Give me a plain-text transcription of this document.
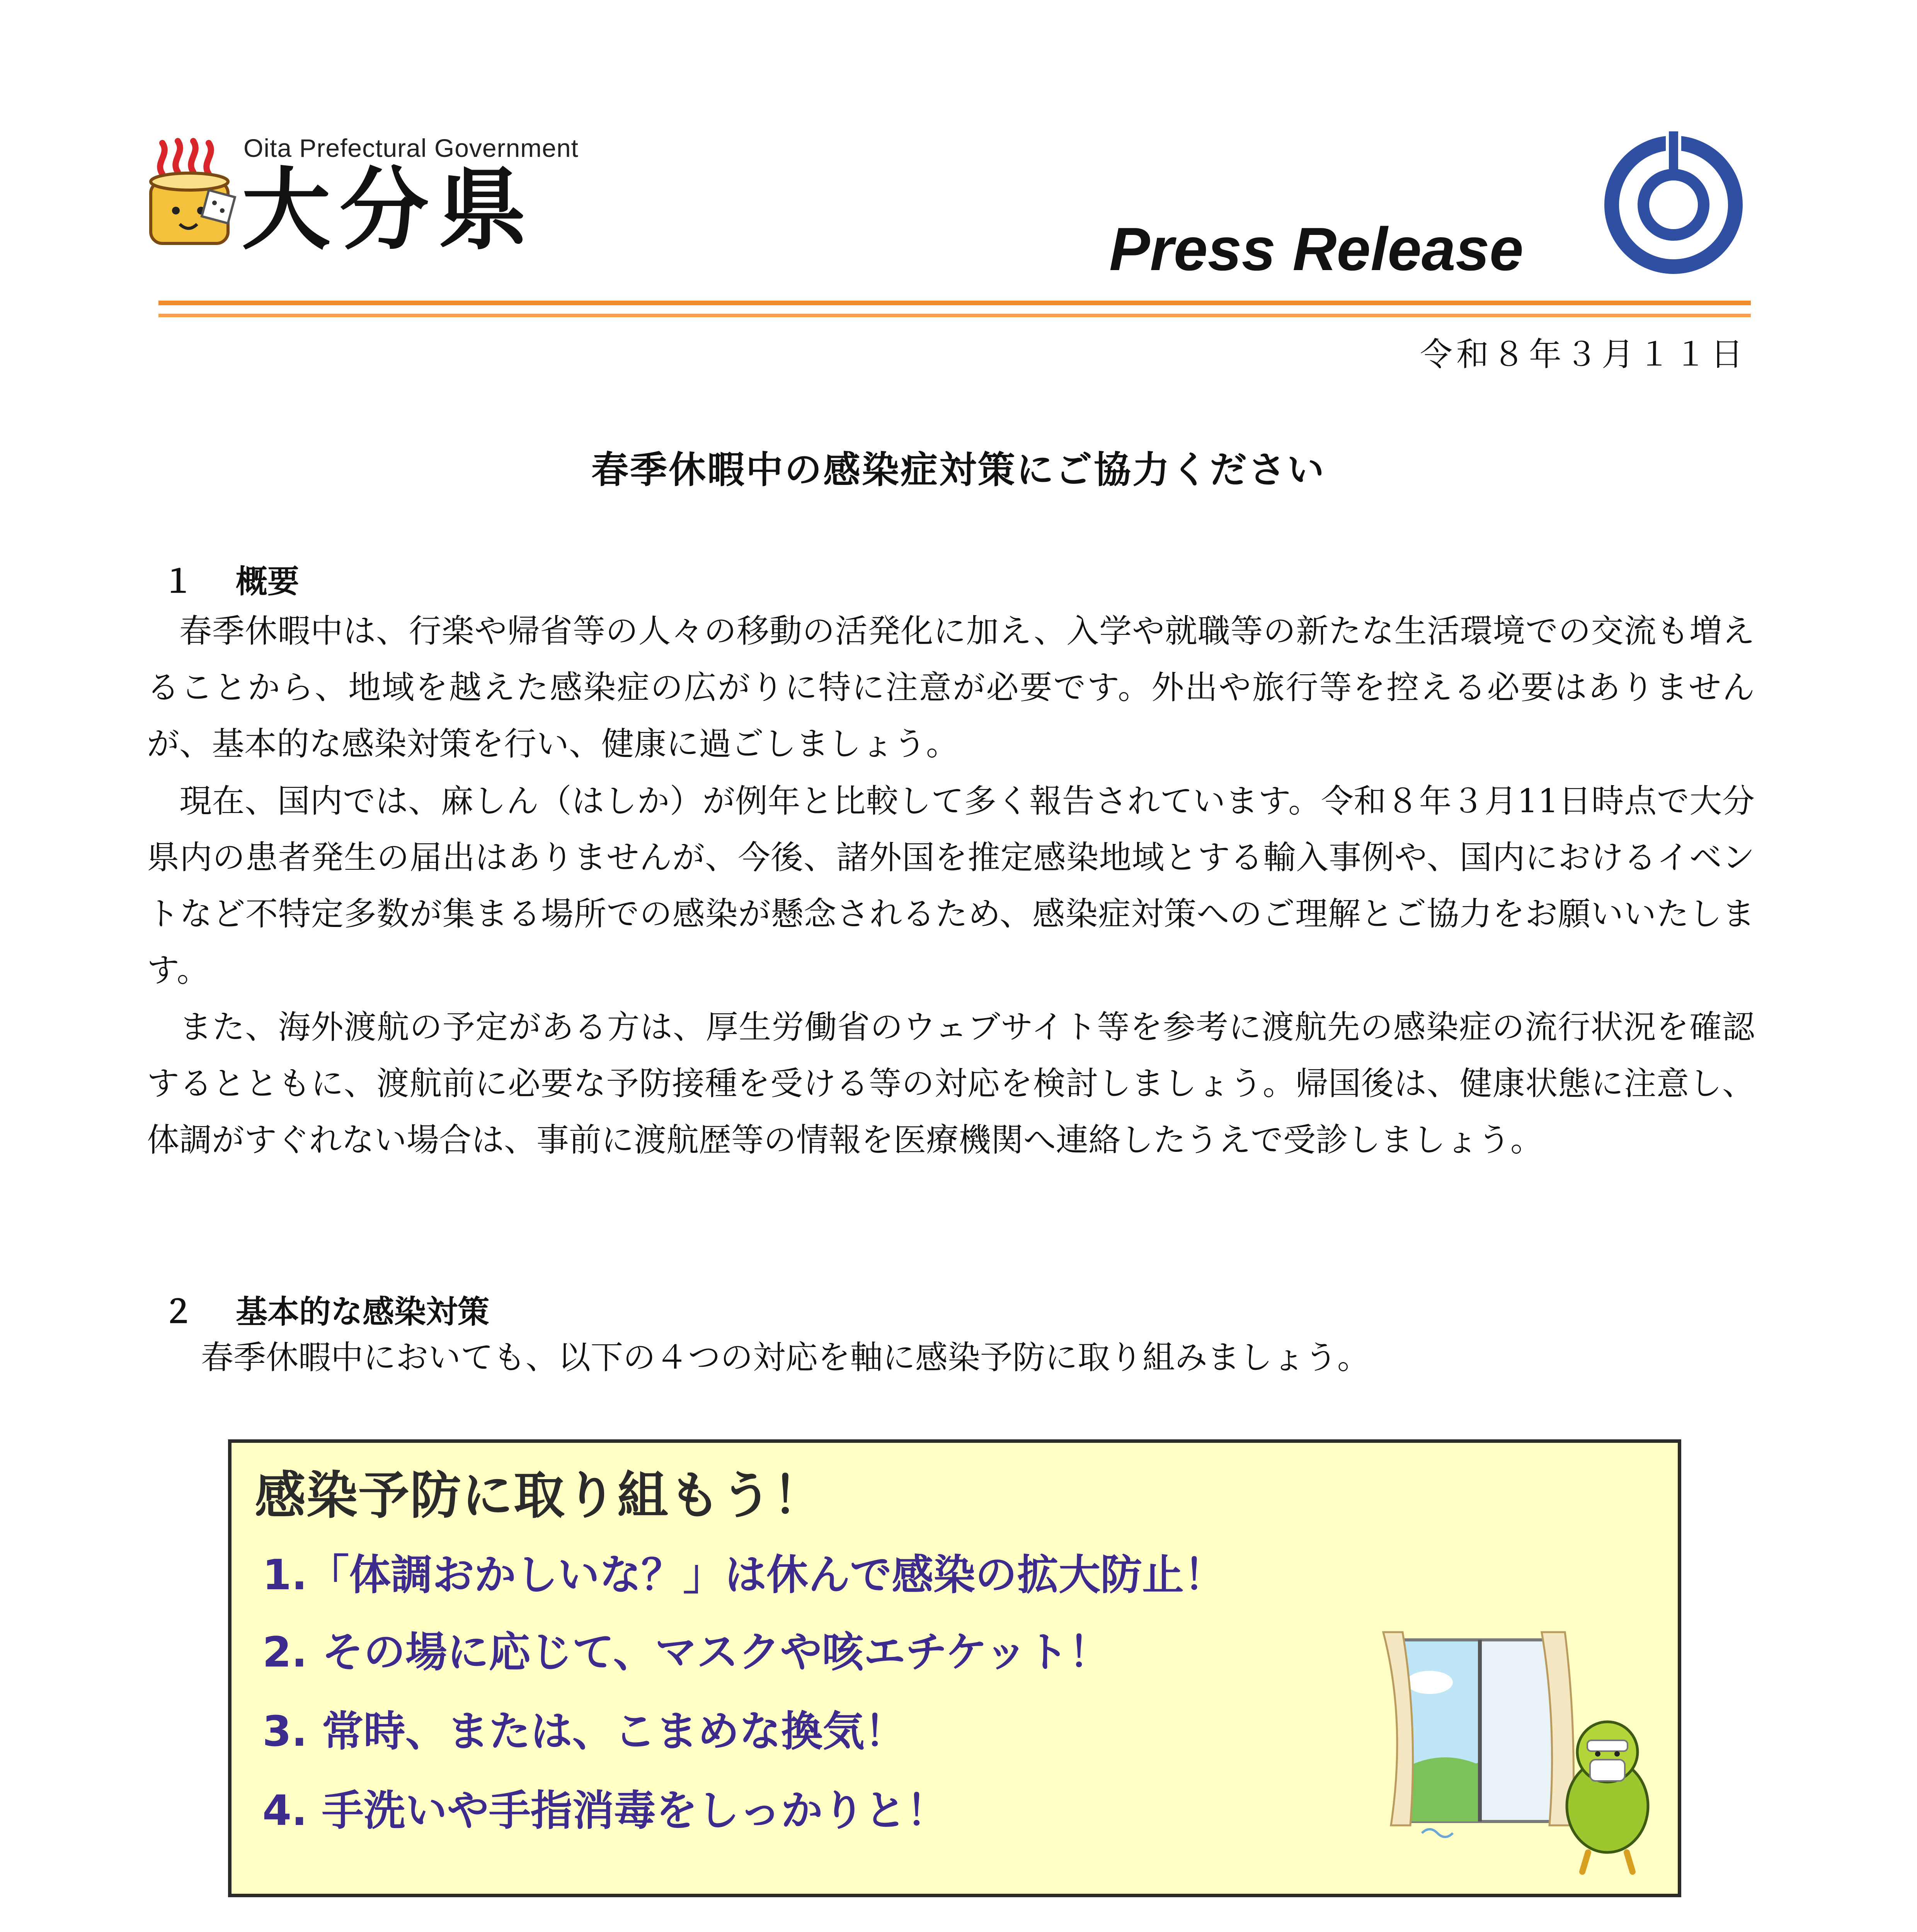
Oita Prefectural Government
大分県	Press Release
令和８年３月１１日
春季休暇中の感染症対策にご協力ください
１ 概要

春季休暇中は、行楽や帰省等の人々の移動の活発化に加え、入学や就職等の新たな生活環境での交流も増えることから、地域を越えた感染症の広がりに特に注意が必要です。外出や旅行等を控える必要はありませんが、基本的な感染対策を行い、健康に過ごしましょう。

現在、国内では、麻しん（はしか）が例年と比較して多く報告されています。令和８年３月11日時点で大分県内の患者発生の届出はありませんが、今後、諸外国を推定感染地域とする輸入事例や、国内におけるイベントなど不特定多数が集まる場所での感染が懸念されるため、感染症対策へのご理解とご協力をお願いいたします。

また、海外渡航の予定がある方は、厚生労働省のウェブサイト等を参考に渡航先の感染症の流行状況を確認するとともに、渡航前に必要な予防接種を受ける等の対応を検討しましょう。帰国後は、健康状態に注意し、体調がすぐれない場合は、事前に渡航歴等の情報を医療機関へ連絡したうえで受診しましょう。

２ 基本的な感染対策
春季休暇中においても、以下の４つの対応を軸に感染予防に取り組みましょう。
感染予防に取り組もう！
1.「体調おかしいな？」は休んで感染の拡大防止！
2. その場に応じて、マスクや咳エチケット！
3. 常時、または、こまめな換気！
4. 手洗いや手指消毒をしっかりと！
